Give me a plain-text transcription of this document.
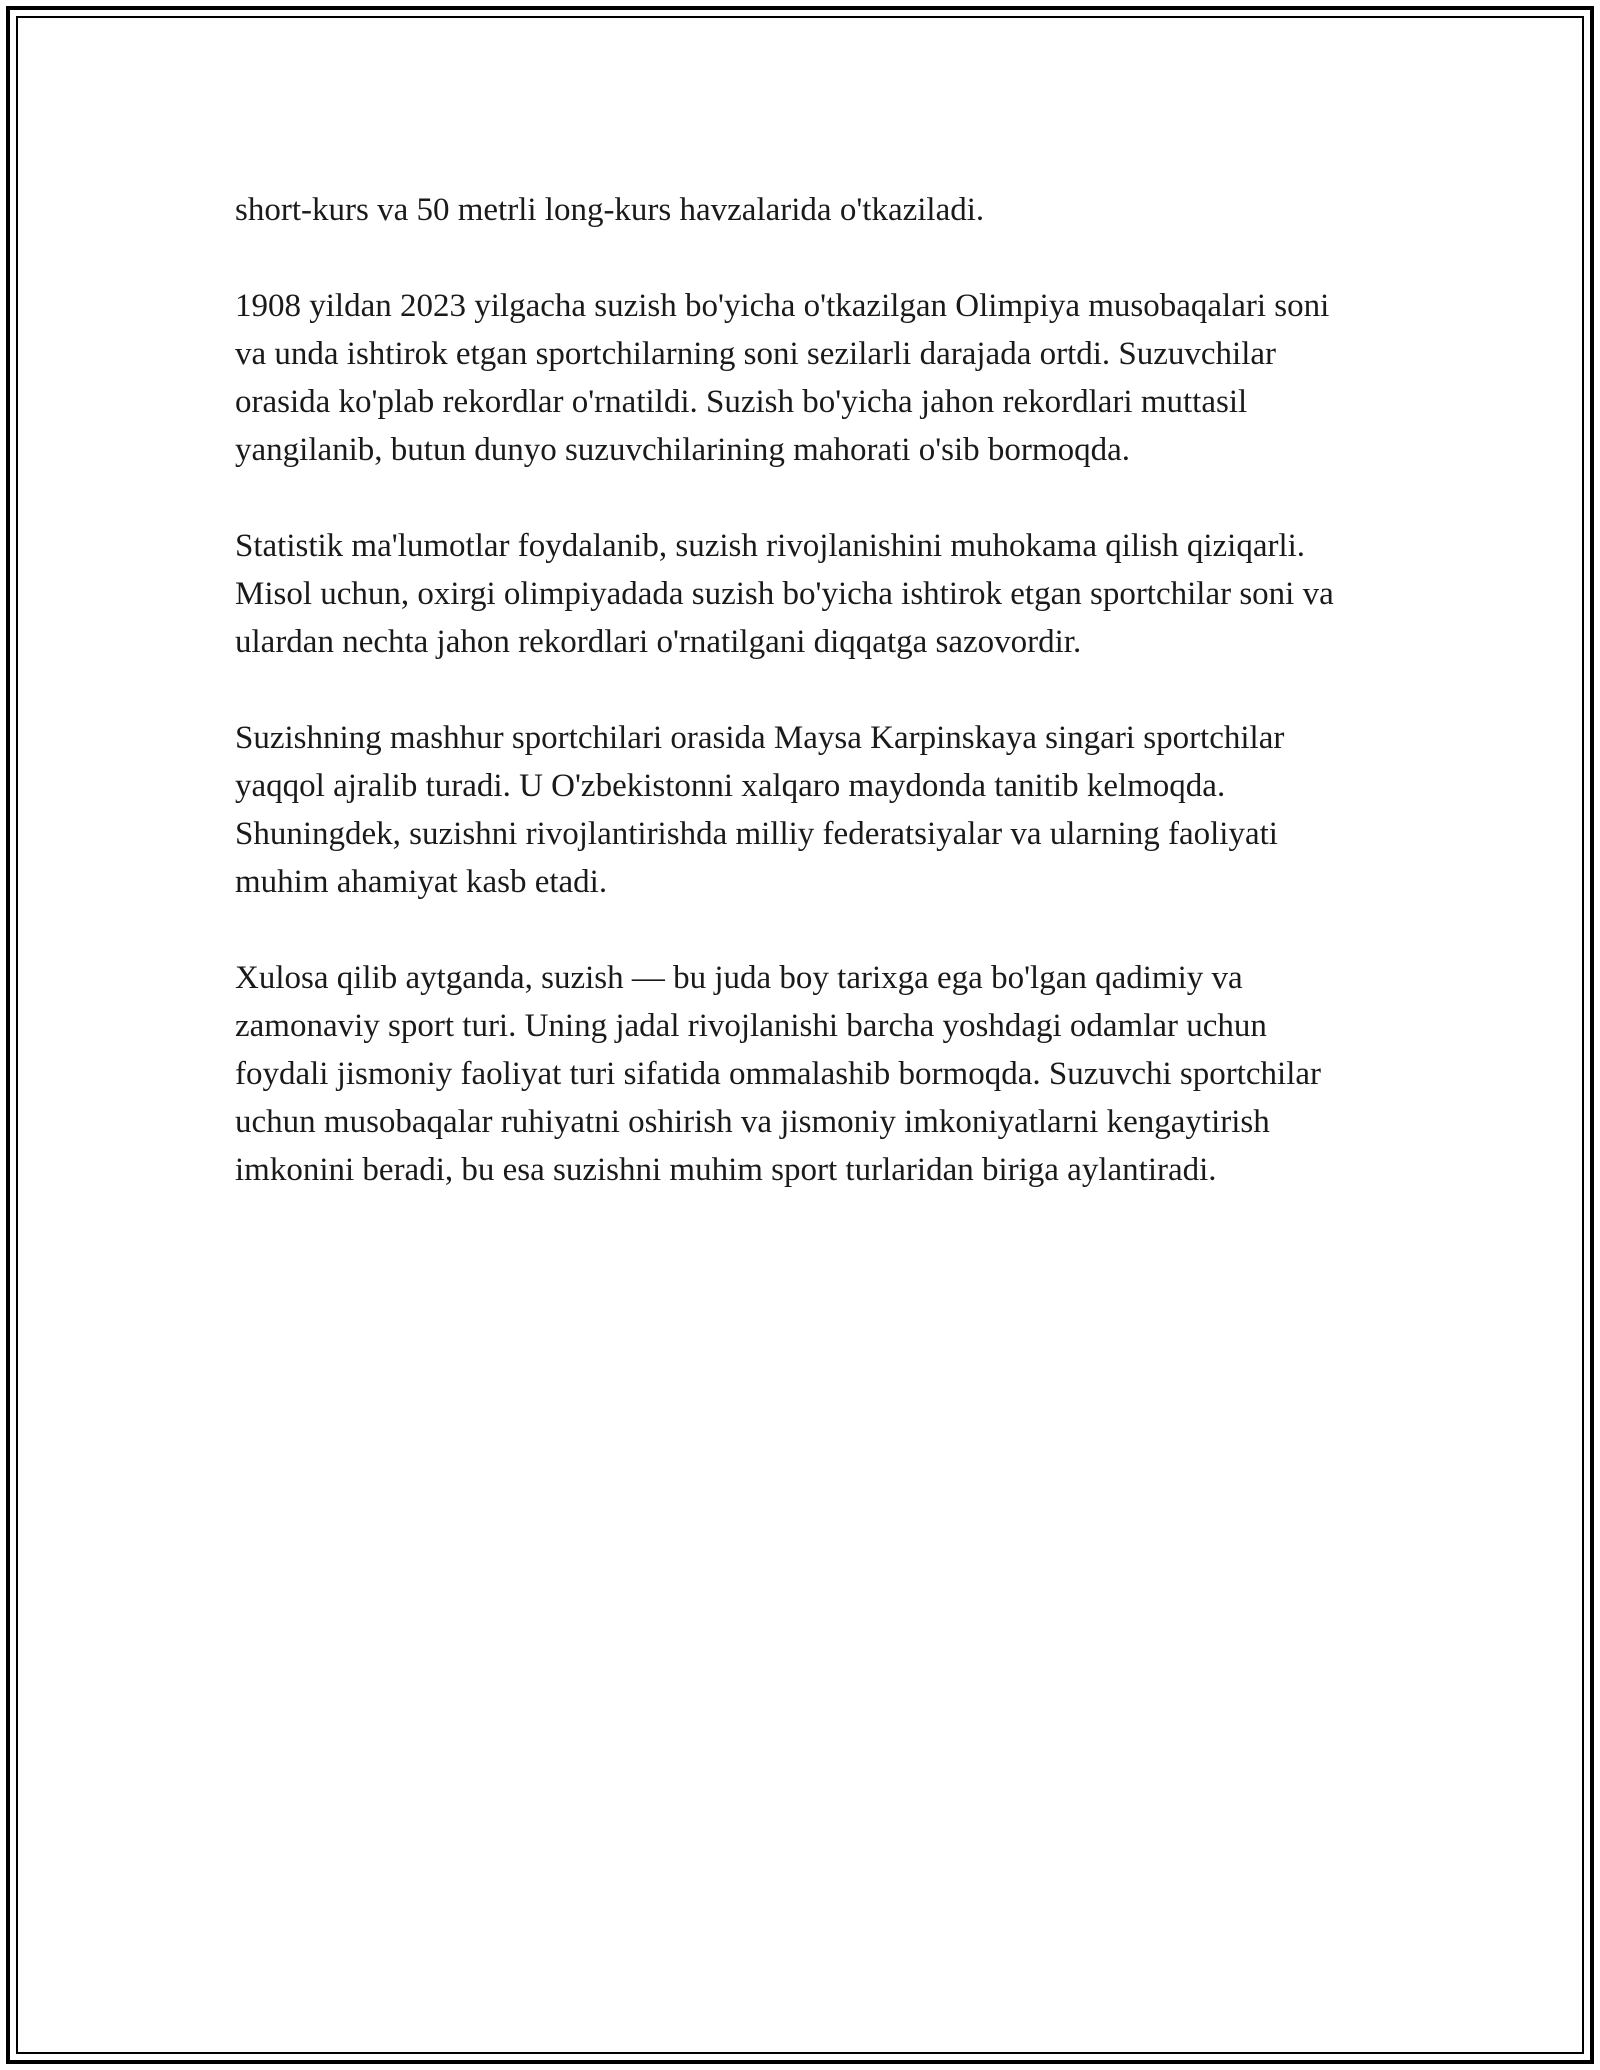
short-kurs va 50 metrli long-kurs havzalarida o'tkaziladi.

1908 yildan 2023 yilgacha suzish bo'yicha o'tkazilgan Olimpiya musobaqalari soni va unda ishtirok etgan sportchilarning soni sezilarli darajada ortdi. Suzuvchilar orasida ko'plab rekordlar o'rnatildi. Suzish bo'yicha jahon rekordlari muttasil yangilanib, butun dunyo suzuvchilarining mahorati o'sib bormoqda.

Statistik ma'lumotlar foydalanib, suzish rivojlanishini muhokama qilish qiziqarli. Misol uchun, oxirgi olimpiyadada suzish bo'yicha ishtirok etgan sportchilar soni va ulardan nechta jahon rekordlari o'rnatilgani diqqatga sazovordir.

Suzishning mashhur sportchilari orasida Maysa Karpinskaya singari sportchilar yaqqol ajralib turadi. U O'zbekistonni xalqaro maydonda tanitib kelmoqda. Shuningdek, suzishni rivojlantirishda milliy federatsiyalar va ularning faoliyati muhim ahamiyat kasb etadi.

Xulosa qilib aytganda, suzish — bu juda boy tarixga ega bo'lgan qadimiy va zamonaviy sport turi. Uning jadal rivojlanishi barcha yoshdagi odamlar uchun foydali jismoniy faoliyat turi sifatida ommalashib bormoqda. Suzuvchi sportchilar uchun musobaqalar ruhiyatni oshirish va jismoniy imkoniyatlarni kengaytirish imkonini beradi, bu esa suzishni muhim sport turlaridan biriga aylantiradi.
